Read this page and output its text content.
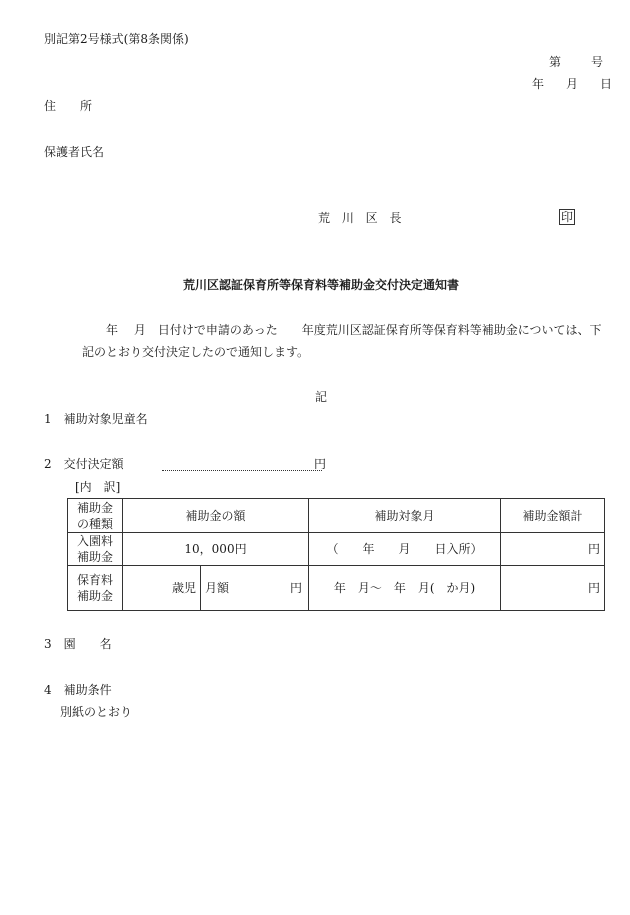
別記第2号様式(第8条関係)
第　　号
年　月　日
住　　所
保護者氏名
荒 川 区 長	印
荒川区認証保育所等保育料等補助金交付決定通知書
年　 月　日付けで申請のあった　　年度荒川区認証保育所等保育料等補助金については、下
記のとおり交付決定したので通知します。
記
1　補助対象児童名
2　交付決定額	円
[内　訳]
補助金の種類	補助金の額		補助対象月	補助金額計
入園料補助金	10，000円		（　　年　　月　　日入所）	円
保育料補助金	歳児	月額 円	年　月～　年　月(　か月)	円
3　園　　名
4　補助条件
別紙のとおり
